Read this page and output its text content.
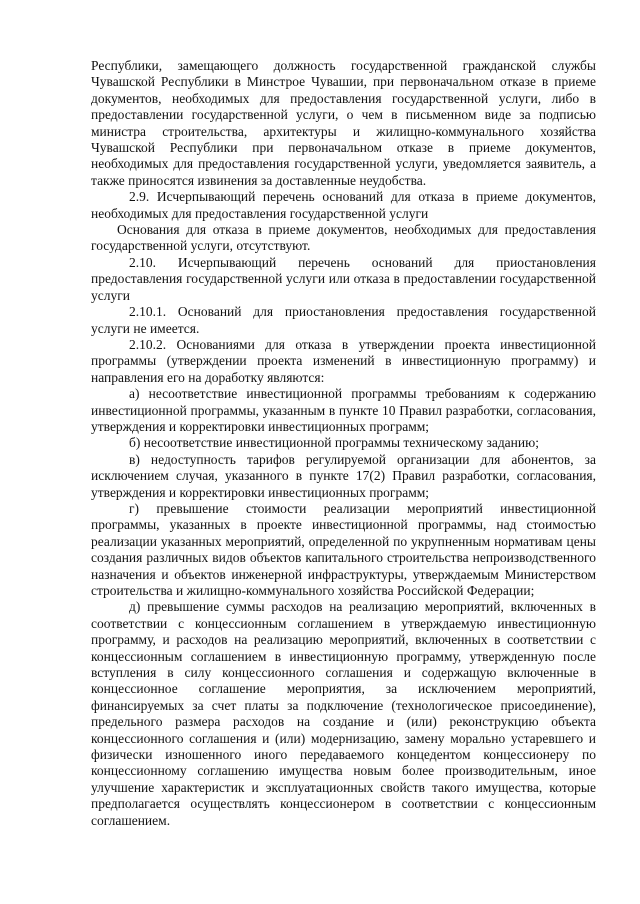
Республики, замещающего должность государственной гражданской службы Чувашской Республики в Минстрое Чувашии, при первоначальном отказе в приеме документов, необходимых для предоставления государственной услуги, либо в предоставлении государственной услуги, о чем в письменном виде за подписью министра строительства, архитектуры и жилищно-коммунального хозяйства Чувашской Республики при первоначальном отказе в приеме документов, необходимых для предоставления государственной услуги, уведомляется заявитель, а также приносятся извинения за доставленные неудобства.

2.9. Исчерпывающий перечень оснований для отказа в приеме документов, необходимых для предоставления государственной услуги

Основания для отказа в приеме документов, необходимых для предоставления государственной услуги, отсутствуют.

2.10. Исчерпывающий перечень оснований для приостановления предоставления государственной услуги или отказа в предоставлении государственной услуги

2.10.1. Оснований для приостановления предоставления государственной услуги не имеется.

2.10.2. Основаниями для отказа в утверждении проекта инвестиционной программы (утверждении проекта изменений в инвестиционную программу) и направления его на доработку являются:

а) несоответствие инвестиционной программы требованиям к содержанию инвестиционной программы, указанным в пункте 10 Правил разработки, согласования, утверждения и корректировки инвестиционных программ;

б) несоответствие инвестиционной программы техническому заданию;

в) недоступность тарифов регулируемой организации для абонентов, за исключением случая, указанного в пункте 17(2) Правил разработки, согласования, утверждения и корректировки инвестиционных программ;

г) превышение стоимости реализации мероприятий инвестиционной программы, указанных в проекте инвестиционной программы, над стоимостью реализации указанных мероприятий, определенной по укрупненным нормативам цены создания различных видов объектов капитального строительства непроизводственного назначения и объектов инженерной инфраструктуры, утверждаемым Министерством строительства и жилищно-коммунального хозяйства Российской Федерации;

д) превышение суммы расходов на реализацию мероприятий, включенных в соответствии с концессионным соглашением в утверждаемую инвестиционную программу, и расходов на реализацию мероприятий, включенных в соответствии с концессионным соглашением в инвестиционную программу, утвержденную после вступления в силу концессионного соглашения и содержащую включенные в концессионное соглашение мероприятия, за исключением мероприятий, финансируемых за счет платы за подключение (технологическое присоединение), предельного размера расходов на создание и (или) реконструкцию объекта концессионного соглашения и (или) модернизацию, замену морально устаревшего и физически изношенного иного передаваемого концедентом концессионеру по концессионному соглашению имущества новым более производительным, иное улучшение характеристик и эксплуатационных свойств такого имущества, которые предполагается осуществлять концессионером в соответствии с концессионным соглашением.
